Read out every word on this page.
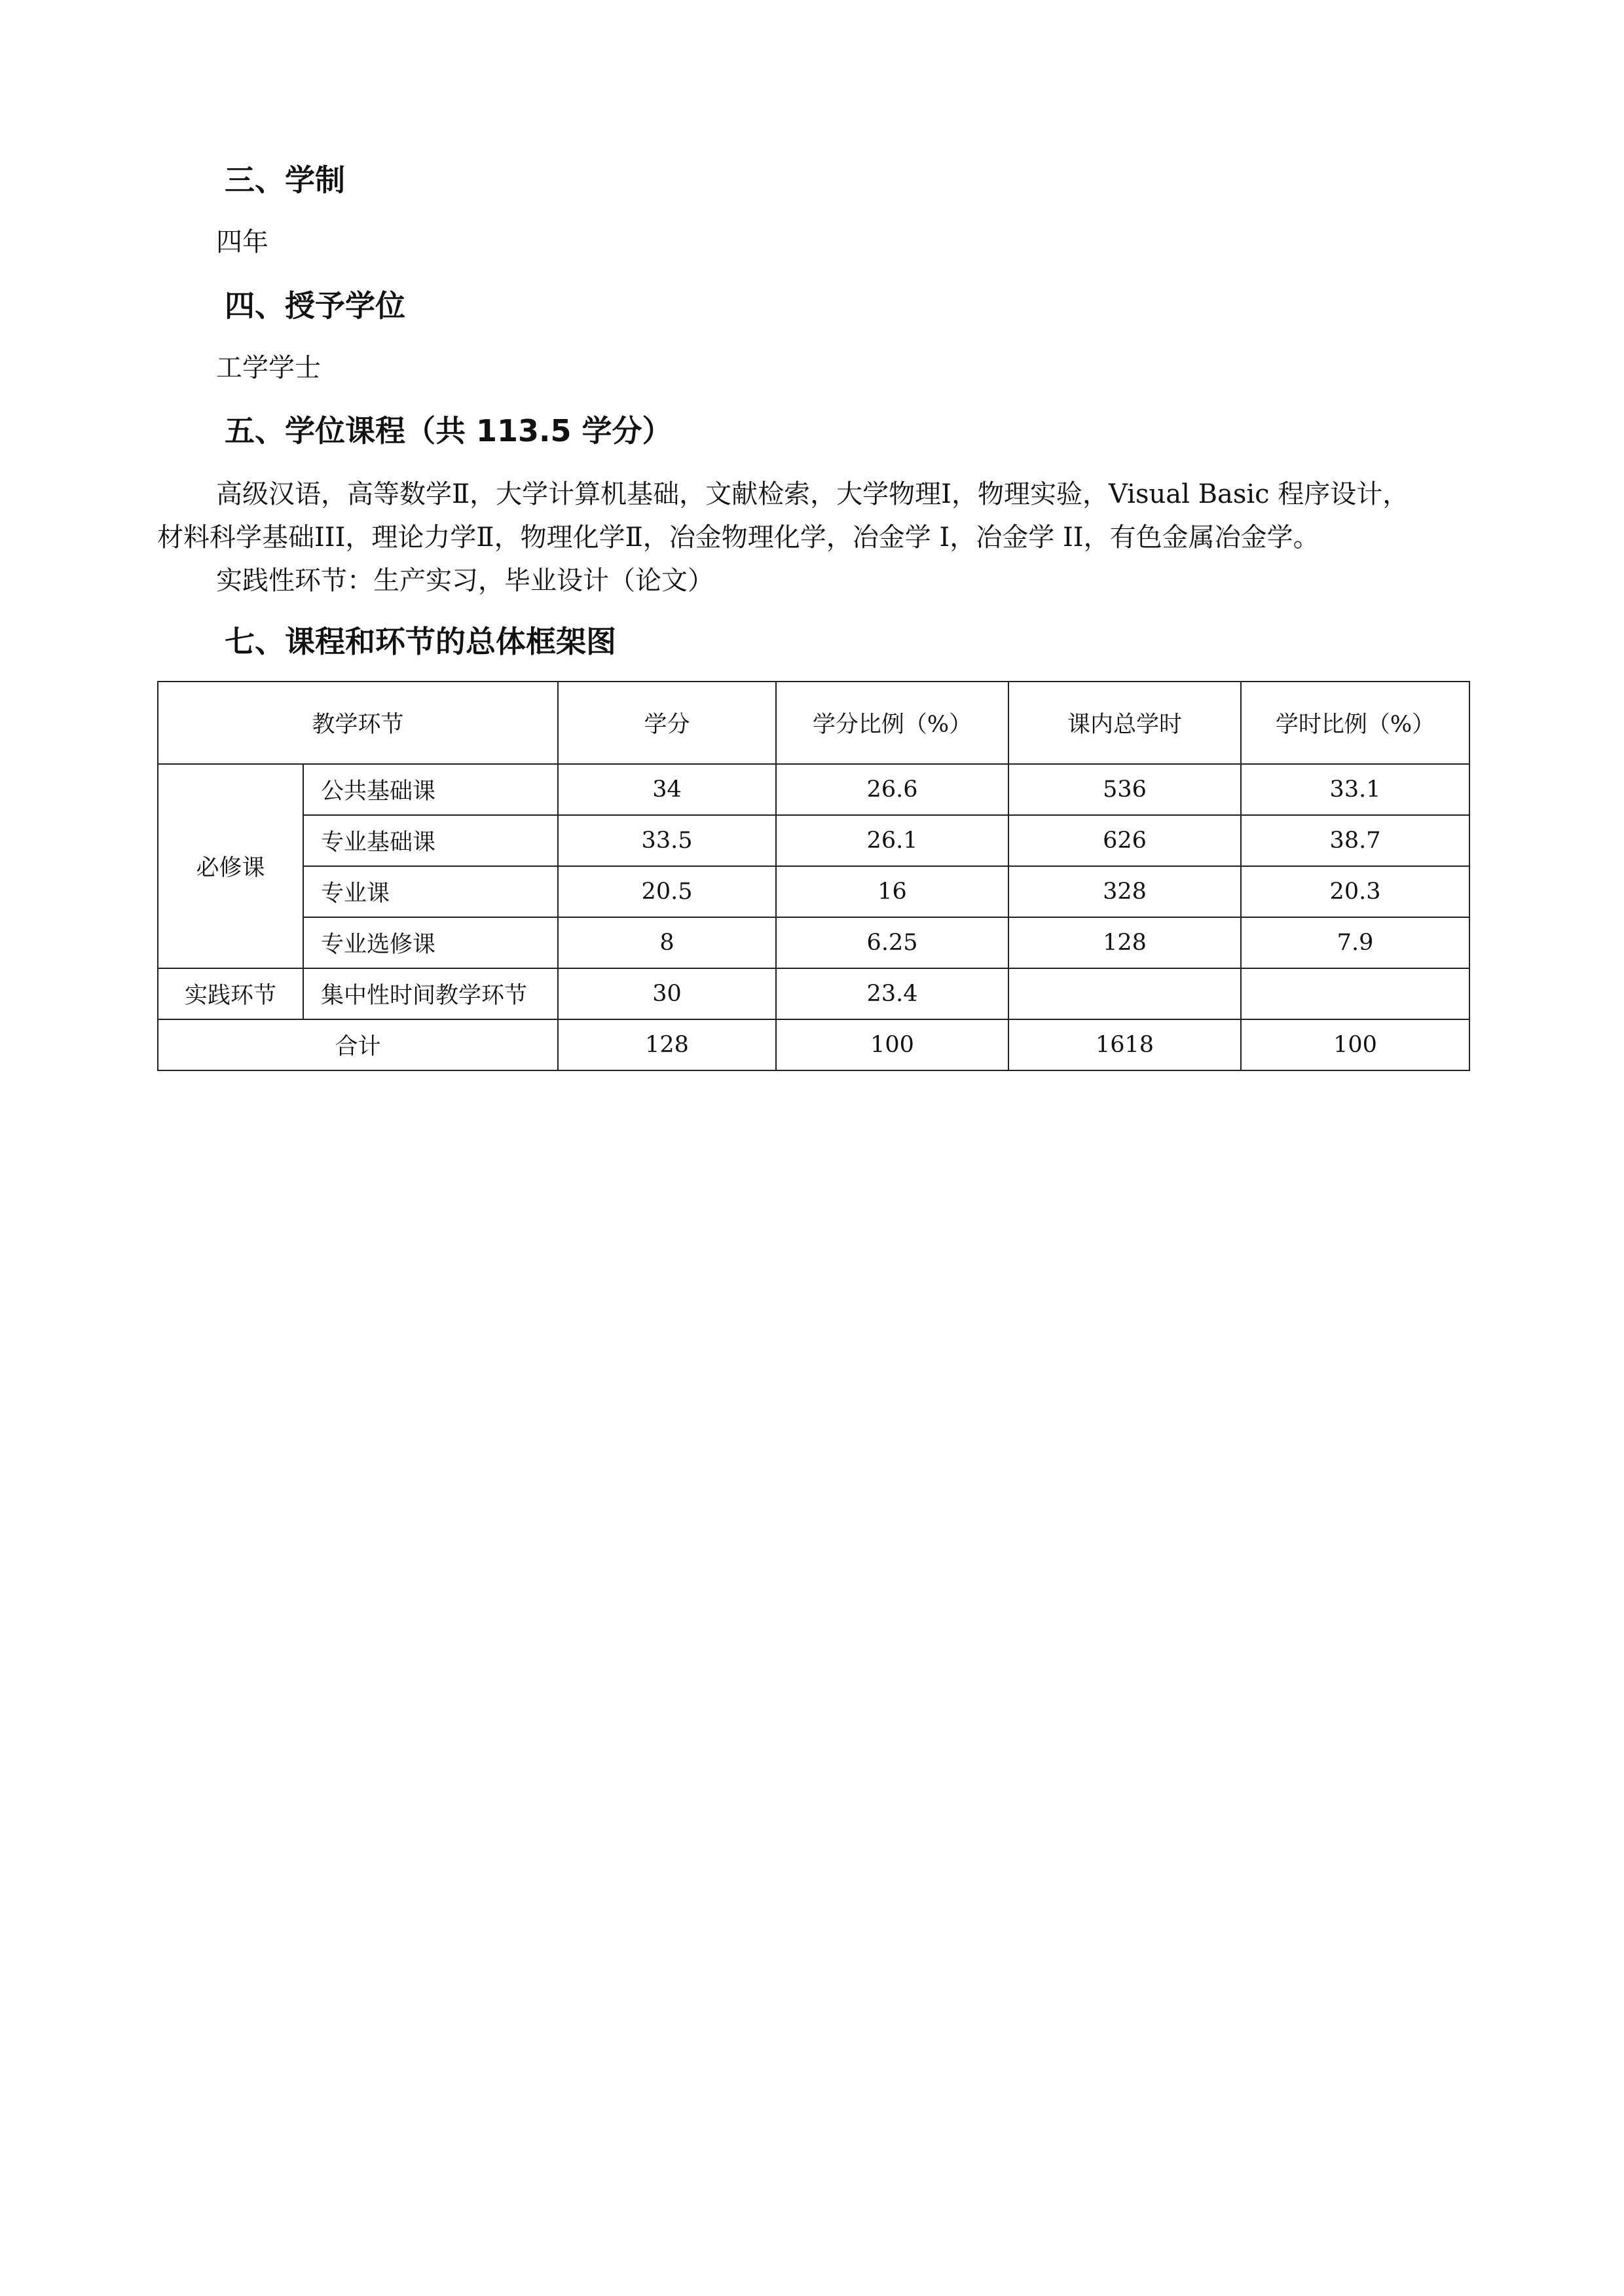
三、学制

四年

四、授予学位

工学学士

五、学位课程（共 113.5 学分）
高级汉语，高等数学Ⅱ，大学计算机基础，文献检索，大学物理Ⅰ，物理实验，Visual Basic 程序设计，
材料科学基础III，理论力学Ⅱ，物理化学Ⅱ，冶金物理化学，冶金学 I，冶金学 II，有色金属冶金学。
实践性环节：生产实习，毕业设计（论文）
七、课程和环节的总体框架图
教学环节		学分	学分比例（%）	课内总学时	学时比例（%）
必修课	公共基础课	34	26.6	536	33.1
	专业基础课	33.5	26.1	626	38.7
	专业课	20.5	16	328	20.3
	专业选修课	8	6.25	128	7.9
实践环节	集中性时间教学环节	30	23.4		
合计		128	100	1618	100
